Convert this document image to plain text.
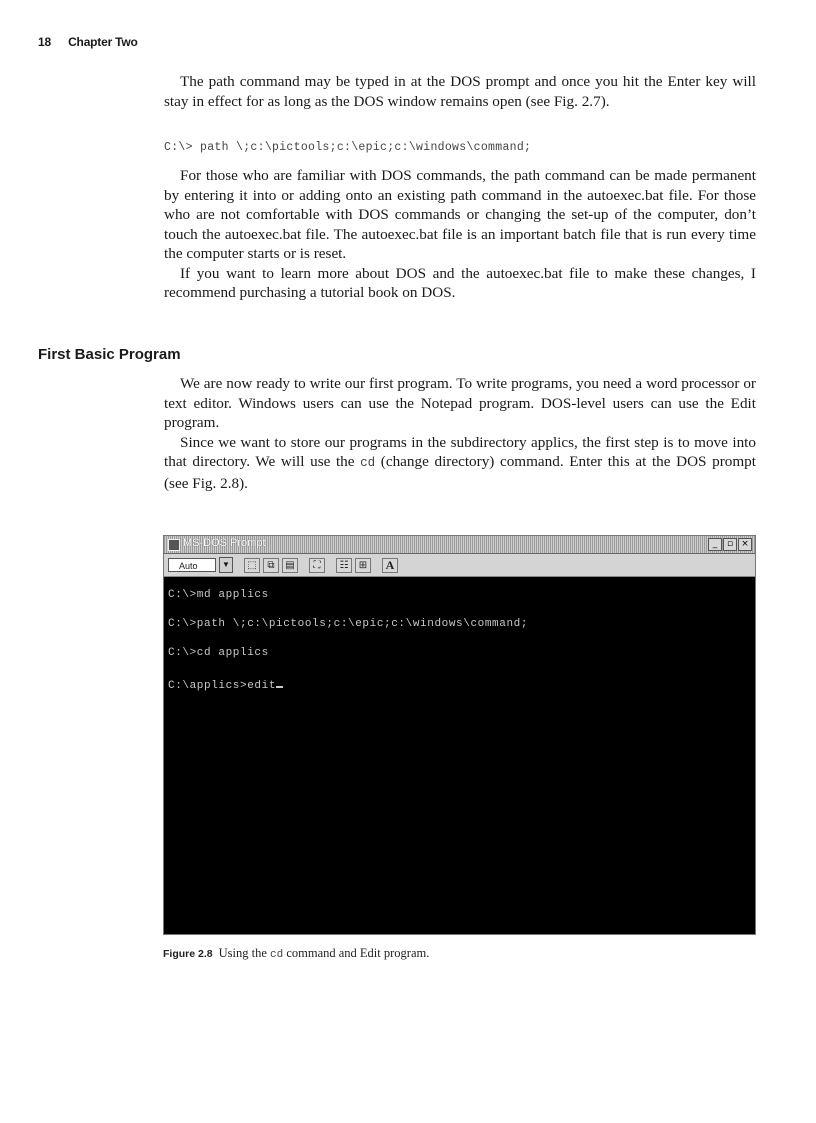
18 Chapter Two

The path command may be typed in at the DOS prompt and once you hit the Enter key will stay in effect for as long as the DOS window remains open (see Fig. 2.7).

C:\> path \;c:\pictools;c:\epic;c:\windows\command;

For those who are familiar with DOS commands, the path command can be made permanent by entering it into or adding onto an existing path command in the autoexec.bat file. For those who are not comfortable with DOS commands or changing the set-up of the computer, don’t touch the autoexec.bat file. The autoexec.bat file is an important batch file that is run every time the computer starts or is reset.

If you want to learn more about DOS and the autoexec.bat file to make these changes, I recommend purchasing a tutorial book on DOS.

First Basic Program

We are now ready to write our first program. To write programs, you need a word processor or text editor. Windows users can use the Notepad program. DOS-level users can use the Edit program.

Since we want to store our programs in the subdirectory applics, the first step is to move into that directory. We will use the cd (change directory) command. Enter this at the DOS prompt (see Fig. 2.8).

MS-DOS Prompt	_	▫ ×
Auto	▼	⬚	⧉	▤	⛶	☷	⊞	A
C:\>md applics
C:\>path \;c:\pictools;c:\epic;c:\windows\command;
C:\>cd applics
C:\applics>edit
Figure 2.8 Using the cd command and Edit program.
